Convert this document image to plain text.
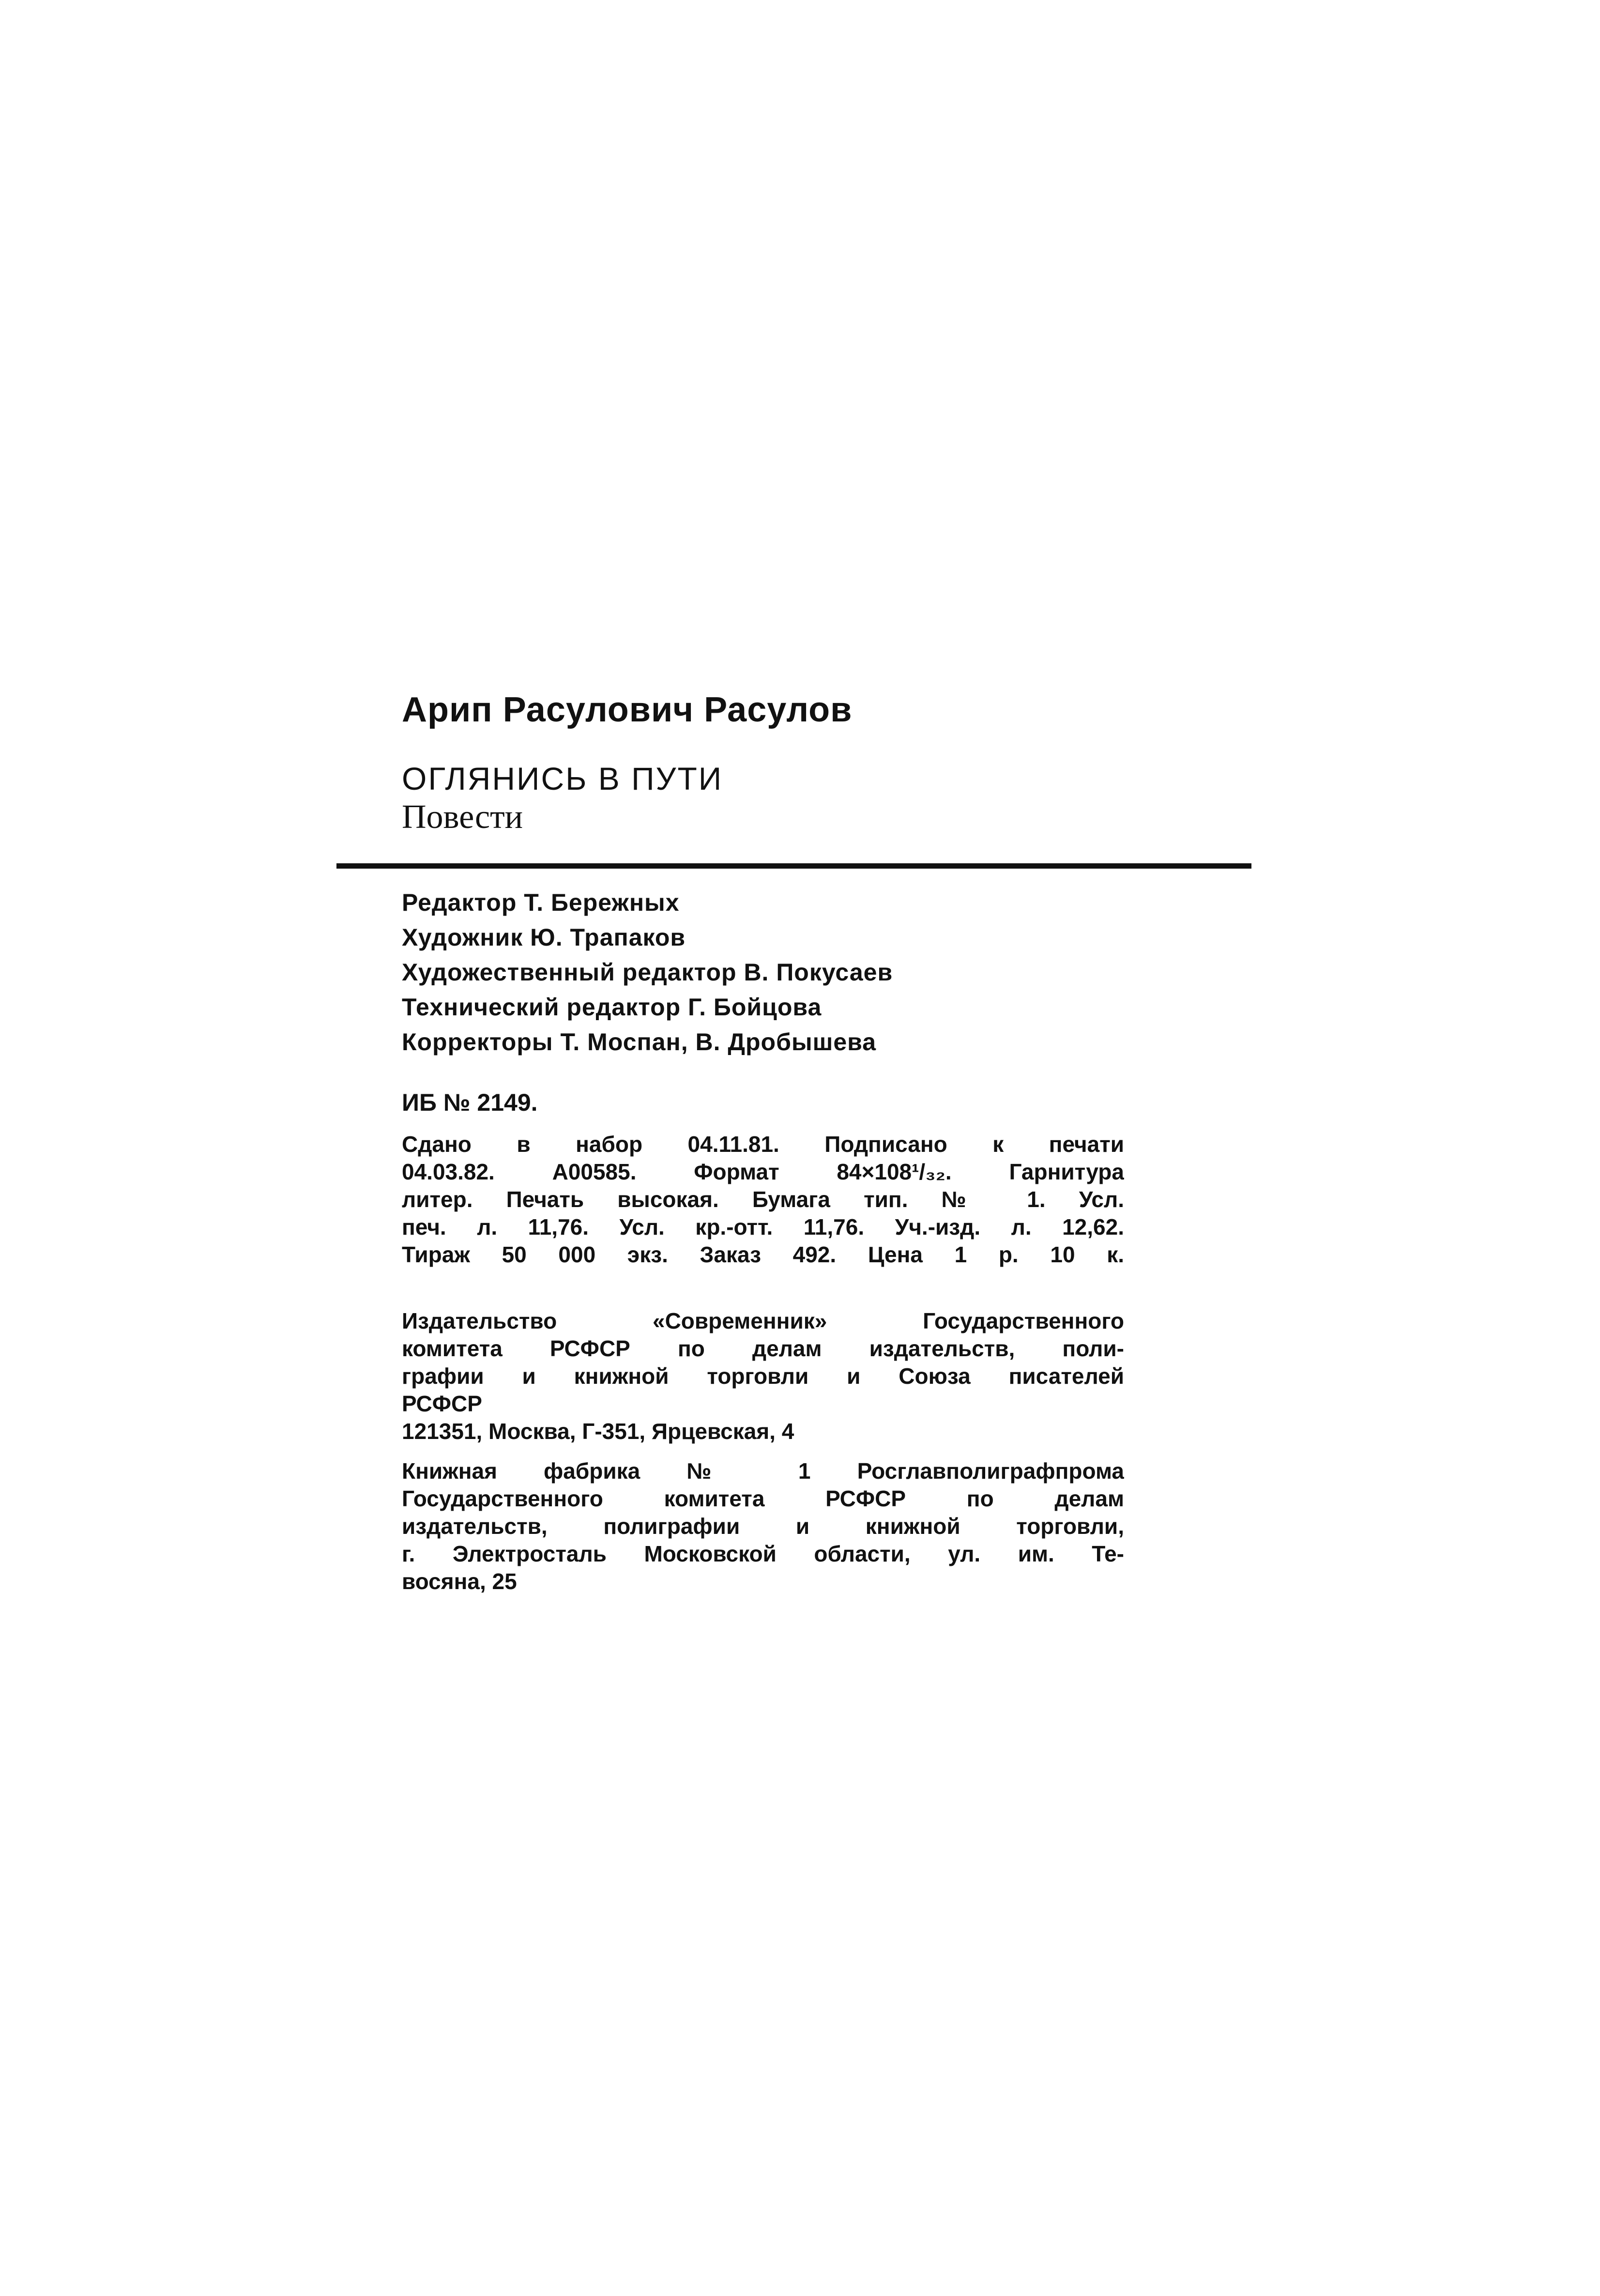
Арип Расулович Расулов
ОГЛЯНИСЬ В ПУТИ
Повести
Редактор Т. Бережных
Художник Ю. Трапаков
Художественный редактор В. Покусаев
Технический редактор Г. Бойцова
Корректоры Т. Моспан, В. Дробышева
ИБ № 2149.
Сдано в набор 04.11.81. Подписано к печати
04.03.82. А00585. Формат 84×108¹/₃₂. Гарнитура
литер. Печать высокая. Бумага тип. № 1. Усл.
печ. л. 11,76. Усл. кр.-отт. 11,76. Уч.-изд. л. 12,62.
Тираж 50 000 экз. Заказ 492. Цена 1 р. 10 к.
Издательство «Современник» Государственного
комитета РСФСР по делам издательств, поли-
графии и книжной торговли и Союза писателей
РСФСР
121351, Москва, Г-351, Ярцевская, 4
Книжная фабрика № 1 Росглавполиграфпрома
Государственного комитета РСФСР по делам
издательств, полиграфии и книжной торговли,
г. Электросталь Московской области, ул. им. Те-
восяна, 25
